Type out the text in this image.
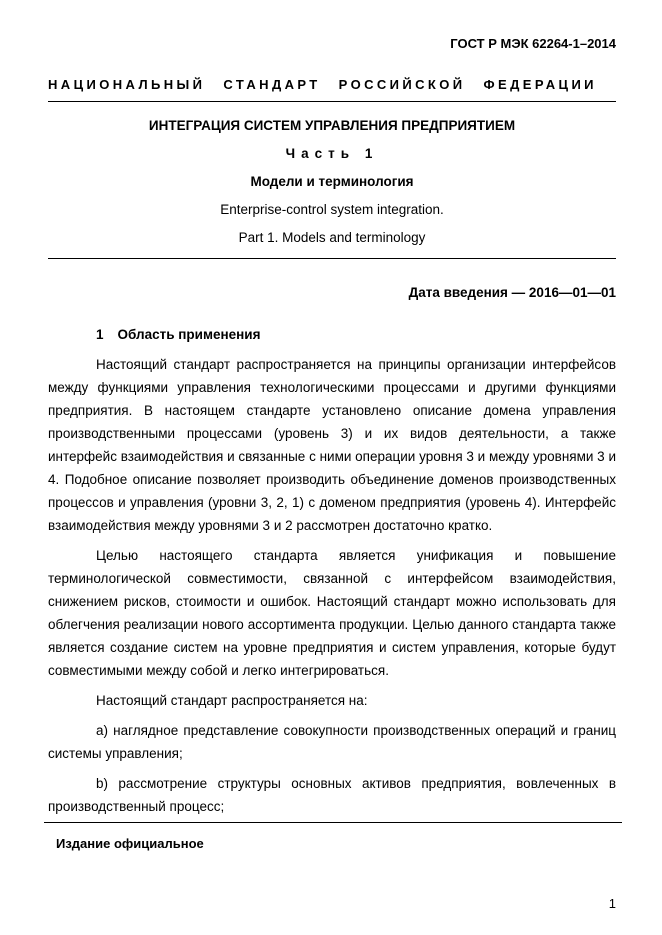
ГОСТ Р МЭК 62264-1–2014
НАЦИОНАЛЬНЫЙ СТАНДАРТ РОССИЙСКОЙ ФЕДЕРАЦИИ
ИНТЕГРАЦИЯ СИСТЕМ УПРАВЛЕНИЯ ПРЕДПРИЯТИЕМ
Часть 1
Модели и терминология
Enterprise-control system integration.
Part 1. Models and terminology
Дата введения — 2016—01—01
1 Область применения

Настоящий стандарт распространяется на принципы организации интерфейсов между функциями управления технологическими процессами и другими функциями предприятия. В настоящем стандарте установлено описание домена управления производственными процессами (уровень 3) и их видов деятельности, а также интерфейс взаимодействия и связанные с ними операции уровня 3 и между уровнями 3 и 4. Подобное описание позволяет производить объединение доменов производственных процессов и управления (уровни 3, 2, 1) с доменом предприятия (уровень 4). Интерфейс взаимодействия между уровнями 3 и 2 рассмотрен достаточно кратко.

Целью настоящего стандарта является унификация и повышение терминологической совместимости, связанной с интерфейсом взаимодействия, снижением рисков, стоимости и ошибок. Настоящий стандарт можно использовать для облегчения реализации нового ассортимента продукции. Целью данного стандарта также является создание систем на уровне предприятия и систем управления, которые будут совместимыми между собой и легко интегрироваться.

Настоящий стандарт распространяется на:

a) наглядное представление совокупности производственных операций и границ системы управления;

b) рассмотрение структуры основных активов предприятия, вовлеченных в производственный процесс;

Издание официальное
1
